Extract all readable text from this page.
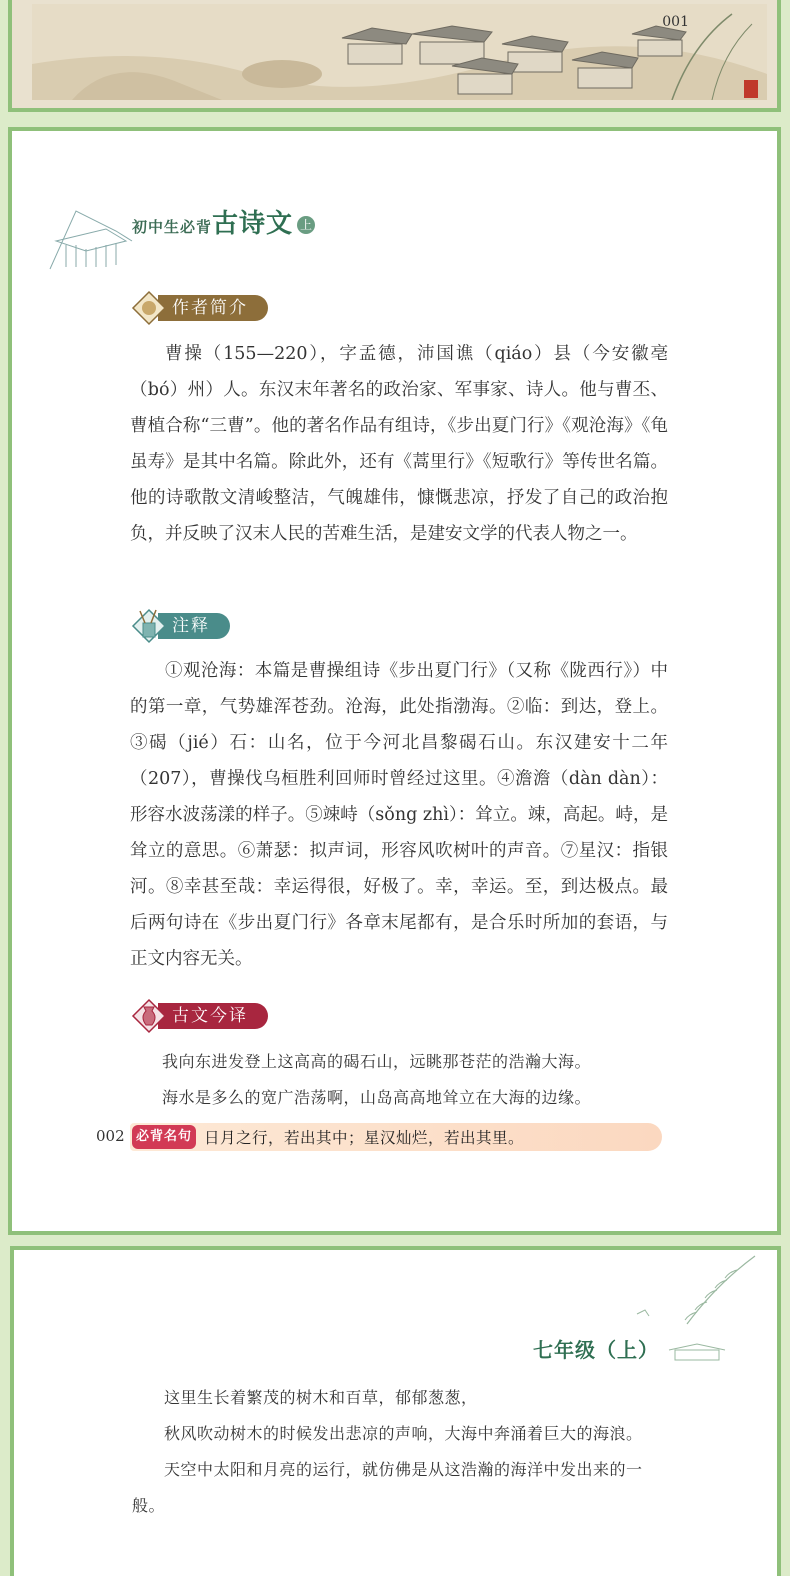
001
初中生必背 古诗文 上
作者简介
曹操（155—220），字孟德，沛国谯（qiáo）县（今安徽亳（bó）州）人。东汉末年著名的政治家、军事家、诗人。他与曹丕、曹植合称“三曹”。他的著名作品有组诗，《步出夏门行》《观沧海》《龟虽寿》是其中名篇。除此外，还有《蒿里行》《短歌行》等传世名篇。他的诗歌散文清峻整洁，气魄雄伟，慷慨悲凉，抒发了自己的政治抱负，并反映了汉末人民的苦难生活，是建安文学的代表人物之一。
注释
①观沧海：本篇是曹操组诗《步出夏门行》（又称《陇西行》）中的第一章，气势雄浑苍劲。沧海，此处指渤海。②临：到达，登上。③碣（jié）石：山名，位于今河北昌黎碣石山。东汉建安十二年（207），曹操伐乌桓胜利回师时曾经过这里。④澹澹（dàn dàn）：形容水波荡漾的样子。⑤竦峙（sǒng zhì）：耸立。竦，高起。峙，是耸立的意思。⑥萧瑟：拟声词，形容风吹树叶的声音。⑦星汉：指银河。⑧幸甚至哉：幸运得很，好极了。幸，幸运。至，到达极点。最后两句诗在《步出夏门行》各章末尾都有，是合乐时所加的套语，与正文内容无关。
古文今译

我向东进发登上这高高的碣石山，远眺那苍茫的浩瀚大海。

海水是多么的宽广浩荡啊，山岛高高地耸立在大海的边缘。

002 必背名句 日月之行，若出其中；星汉灿烂，若出其里。
七年级（上）

这里生长着繁茂的树木和百草，郁郁葱葱，

秋风吹动树木的时候发出悲凉的声响，大海中奔涌着巨大的海浪。

天空中太阳和月亮的运行，就仿佛是从这浩瀚的海洋中发出来的一般。
